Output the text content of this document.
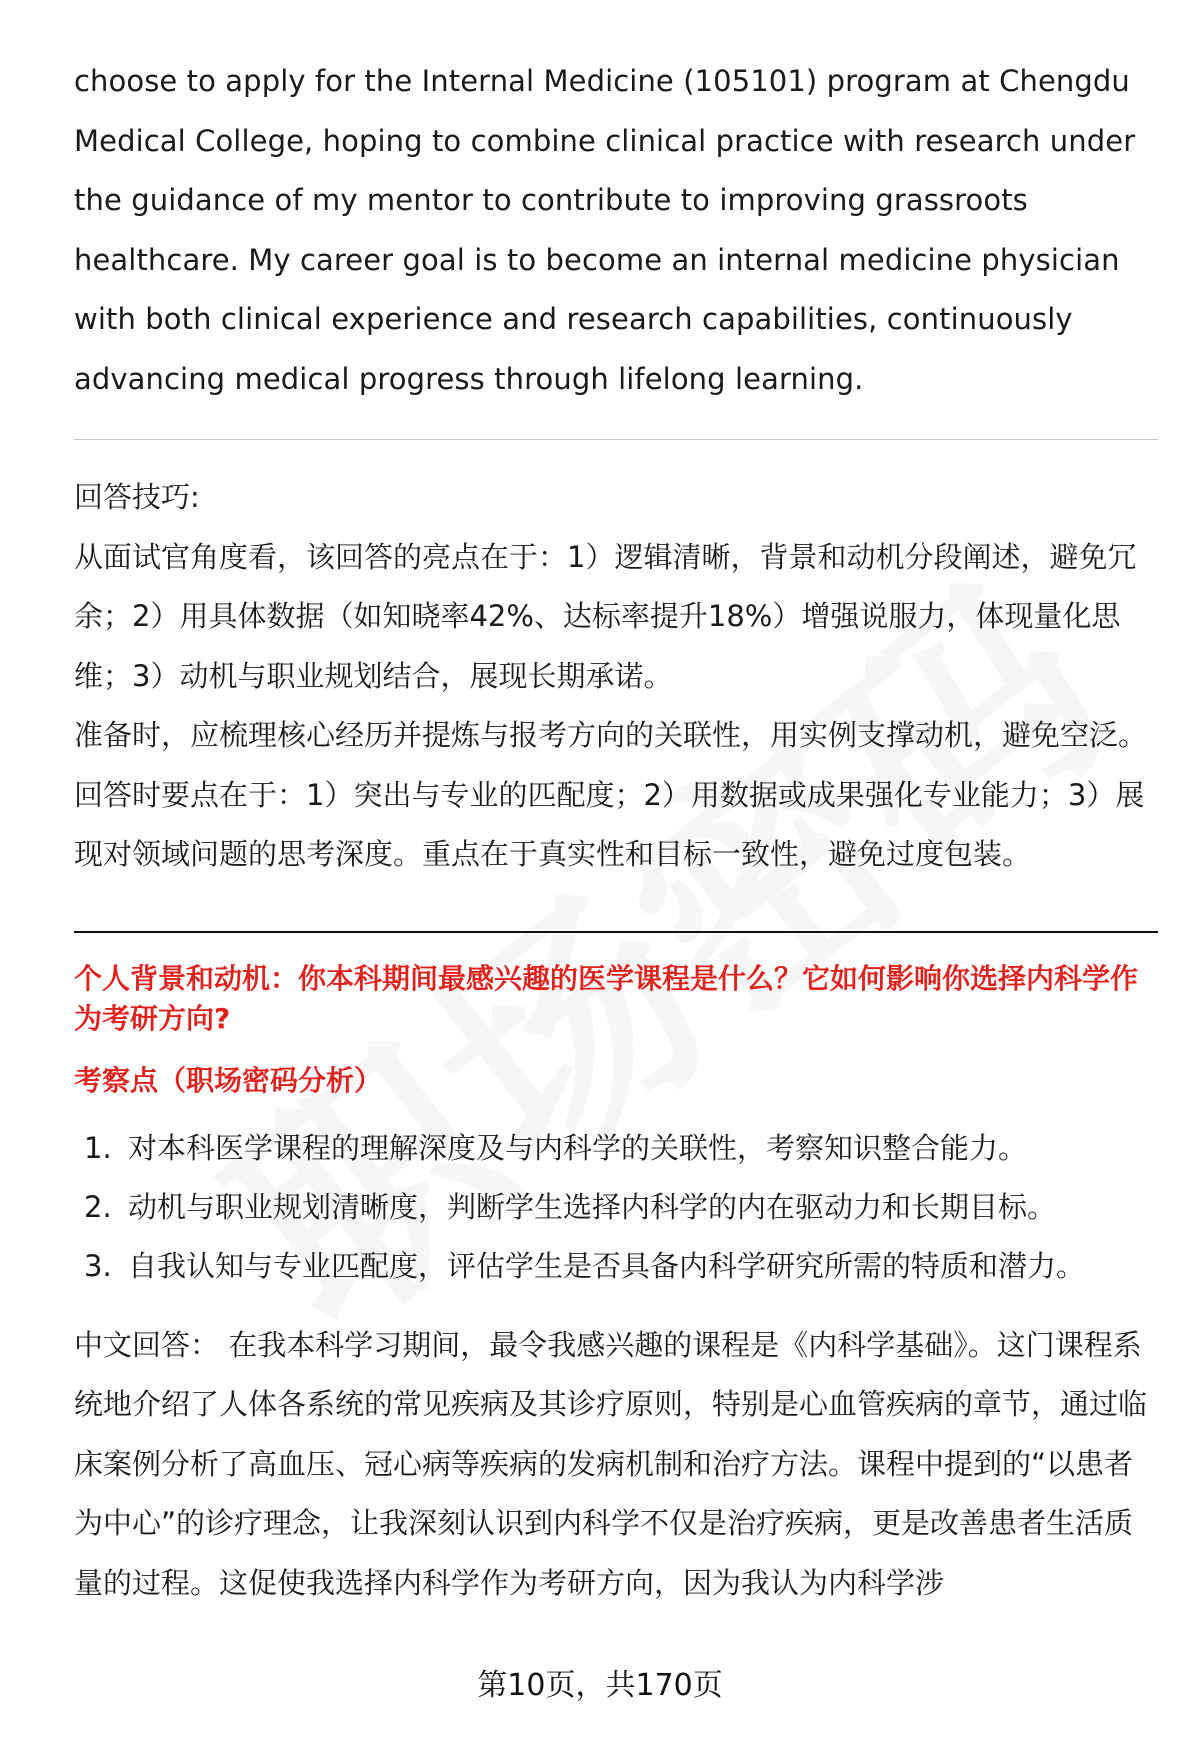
choose to apply for the Internal Medicine (105101) program at Chengdu Medical College, hoping to combine clinical practice with research under the guidance of my mentor to contribute to improving grassroots healthcare. My career goal is to become an internal medicine physician with both clinical experience and research capabilities, continuously advancing medical progress through lifelong learning.

回答技巧:

从面试官角度看，该回答的亮点在于：1）逻辑清晰，背景和动机分段阐述，避免冗余；2）用具体数据（如知晓率42%、达标率提升18%）增强说服力，体现量化思维；3）动机与职业规划结合，展现长期承诺。

准备时，应梳理核心经历并提炼与报考方向的关联性，用实例支撑动机，避免空泛。回答时要点在于：1）突出与专业的匹配度；2）用数据或成果强化专业能力；3）展现对领域问题的思考深度。重点在于真实性和目标一致性，避免过度包装。

个人背景和动机：你本科期间最感兴趣的医学课程是什么？它如何影响你选择内科学作为考研方向?

考察点（职场密码分析）

1. 对本科医学课程的理解深度及与内科学的关联性，考察知识整合能力。
2. 动机与职业规划清晰度，判断学生选择内科学的内在驱动力和长期目标。
3. 自我认知与专业匹配度，评估学生是否具备内科学研究所需的特质和潜力。

中文回答： 在我本科学习期间，最令我感兴趣的课程是《内科学基础》。这门课程系统地介绍了人体各系统的常见疾病及其诊疗原则，特别是心血管疾病的章节，通过临床案例分析了高血压、冠心病等疾病的发病机制和治疗方法。课程中提到的“以患者为中心”的诊疗理念，让我深刻认识到内科学不仅是治疗疾病，更是改善患者生活质量的过程。这促使我选择内科学作为考研方向，因为我认为内科学涉

第10页，共170页
